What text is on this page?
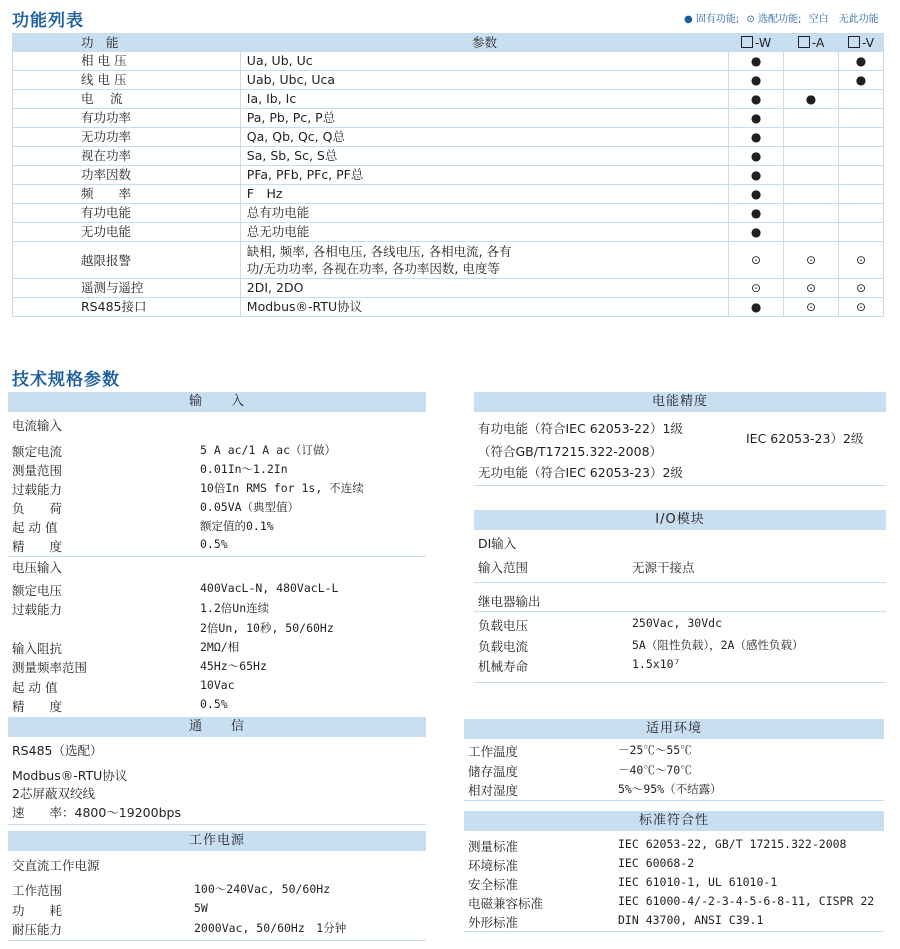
功能列表	● 固有功能; ⊙ 选配功能; 空白　无此功能
功　能	参数	-W	-A	-V
相 电 压	Ua, Ub, Uc	●		●
线 电 压	Uab, Ubc, Uca	●		●
电　 流	Ia, Ib, Ic	●	●	
有功功率	Pa, Pb, Pc, P总	●		
无功功率	Qa, Qb, Qc, Q总	●		
视在功率	Sa, Sb, Sc, S总	●		
功率因数	PFa, PFb, PFc, PF总	●		
频　　率	F　Hz	●		
有功电能	总有功电能	●		
无功电能	总无功电能	●		
越限报警	缺相, 频率, 各相电压, 各线电压, 各相电流, 各有
功/无功功率, 各视在功率, 各功率因数, 电度等	⊙	⊙	⊙
遥测与遥控	2DI, 2DO	⊙	⊙	⊙
RS485接口	Modbus®-RTU协议	●	⊙	⊙
技术规格参数
输　　入
电流输入
额定电流	5 A ac/1 A ac（订做）
测量范围	0.01In～1.2In
过载能力	10倍In RMS for 1s, 不连续
负　　荷	0.05VA（典型值）
起 动 值	额定值的0.1%
精　　度	0.5%
电压输入
额定电压	400VacL-N, 480VacL-L
过载能力	1.2倍Un连续
2倍Un, 10秒, 50/60Hz
输入阻抗	2MΩ/相
测量频率范围	45Hz～65Hz
起 动 值	10Vac
精　　度	0.5%
通　　信
RS485（选配）
Modbus®-RTU协议
2芯屏蔽双绞线
速　　率：4800～19200bps
工作电源
交直流工作电源
工作范围	100～240Vac, 50/60Hz
功　　耗	5W
耐压能力	2000Vac, 50/60Hz　1分钟
电能精度
有功电能（符合IEC 62053-22）1级
（符合GB/T17215.322-2008）
无功电能（符合IEC 62053-23）2级
IEC 62053-23）2级
I/O模块
DI输入
输入范围	无源干接点
继电器输出
负载电压	250Vac, 30Vdc
负载电流	5A（阻性负载），2A（感性负载）
机械寿命	1.5x10⁷
适用环境
工作温度	－25℃～55℃
储存温度	－40℃～70℃
相对湿度	5%～95%（不结露）
标准符合性
测量标准	IEC 62053-22, GB/T 17215.322-2008
环境标准	IEC 60068-2
安全标准	IEC 61010-1, UL 61010-1
电磁兼容标准	IEC 61000-4/-2-3-4-5-6-8-11, CISPR 22
外形标准	DIN 43700, ANSI C39.1
